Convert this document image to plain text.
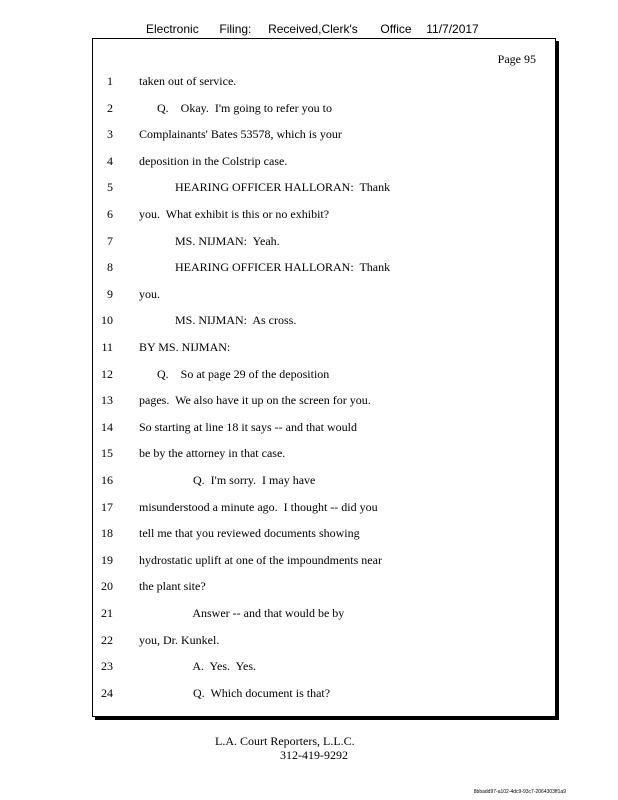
Electronic Filing: Received,Clerk's Office 11/7/2017
Page 95
1 taken out of service.
2 Q.    Okay.  I'm going to refer you to
3 Complainants' Bates 53578, which is your
4 deposition in the Colstrip case.
5 HEARING OFFICER HALLORAN:  Thank
6 you.  What exhibit is this or no exhibit?
7 MS. NIJMAN:  Yeah.
8 HEARING OFFICER HALLORAN:  Thank
9 you.
10 MS. NIJMAN:  As cross.
11 BY MS. NIJMAN:
12 Q.    So at page 29 of the deposition
13 pages.  We also have it up on the screen for you.
14 So starting at line 18 it says -- and that would
15 be by the attorney in that case.
16 Q.  I'm sorry.  I may have
17 misunderstood a minute ago.  I thought -- did you
18 tell me that you reviewed documents showing
19 hydrostatic uplift at one of the impoundments near
20 the plant site?
21 Answer -- and that would be by
22 you, Dr. Kunkel.
23 A.  Yes.  Yes.
24 Q.  Which document is that?
L.A. Court Reporters, L.L.C.
312-419-9292
8bbadd97-a102-4dc9-93c7-2064303ff1a9
